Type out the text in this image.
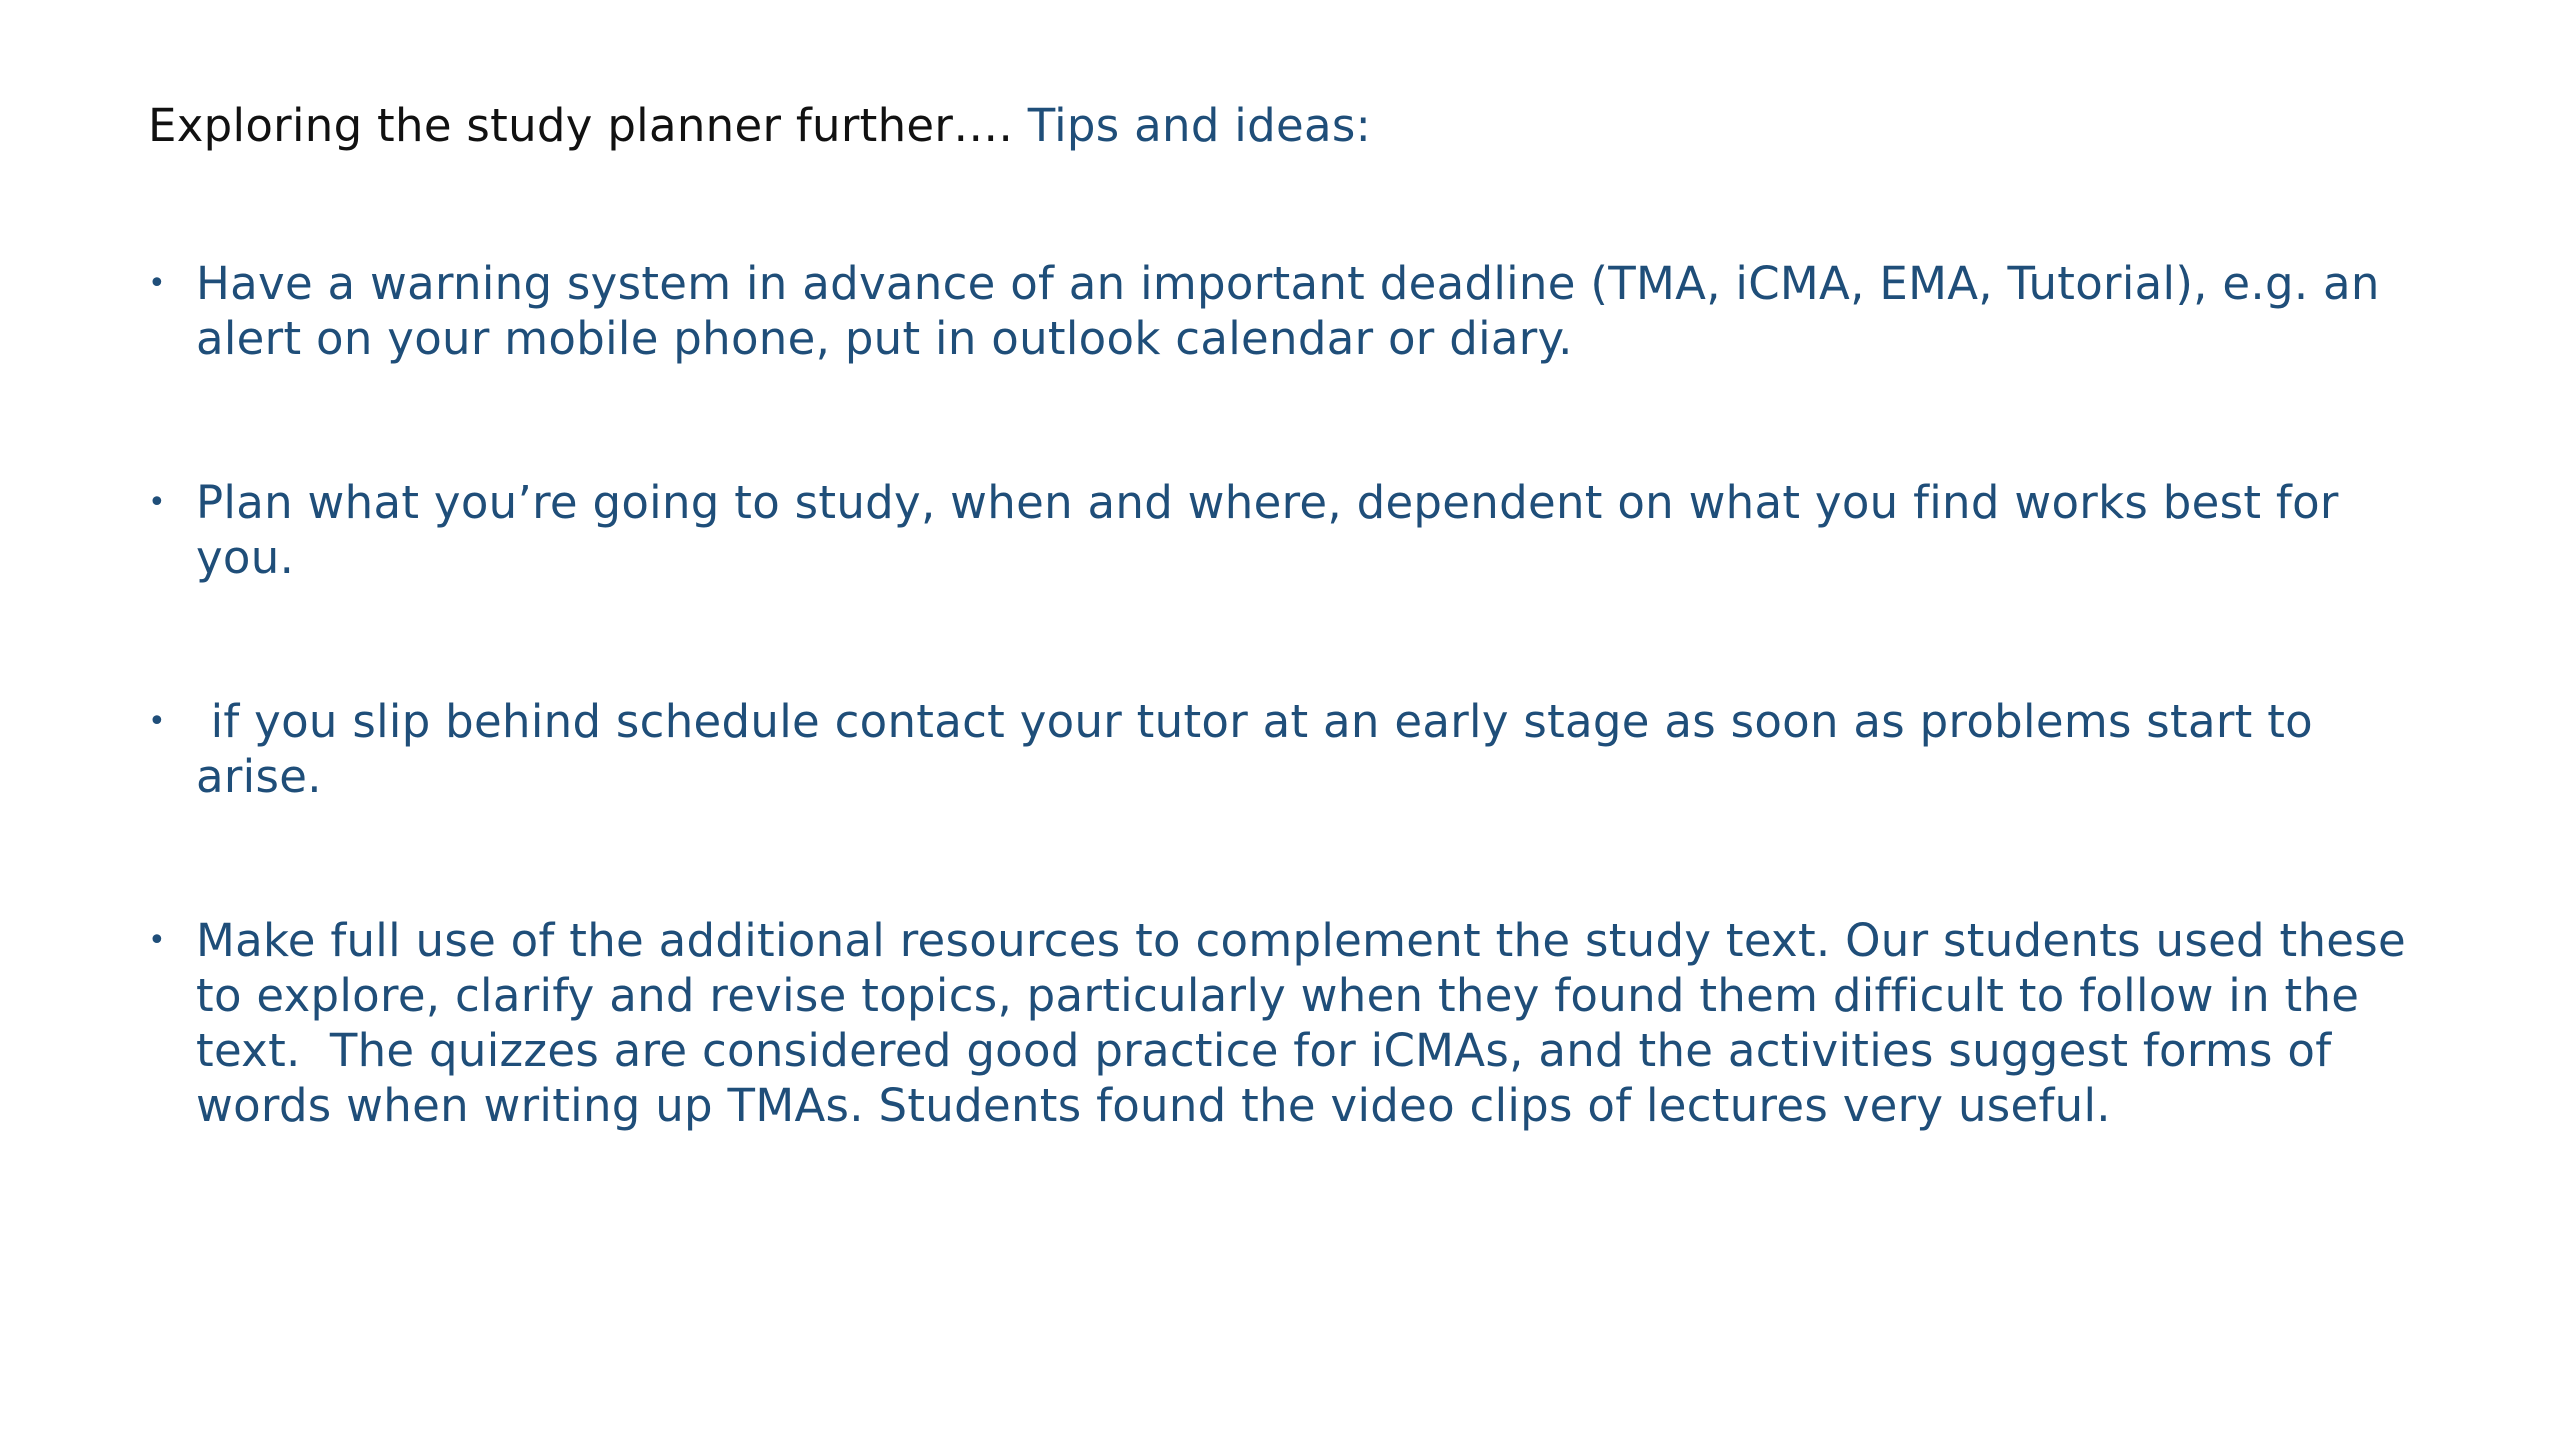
Exploring the study planner further…. Tips and ideas:
• Have a warning system in advance of an important deadline (TMA, iCMA, EMA, Tutorial), e.g. an alert on your mobile phone, put in outlook calendar or diary.
• Plan what you’re going to study, when and where, dependent on what you find works best for you.
• if you slip behind schedule contact your tutor at an early stage as soon as problems start to arise.
• Make full use of the additional resources to complement the study text. Our students used these to explore, clarify and revise topics, particularly when they found them difficult to follow in the text.  The quizzes are considered good practice for iCMAs, and the activities suggest forms of words when writing up TMAs. Students found the video clips of lectures very useful.
